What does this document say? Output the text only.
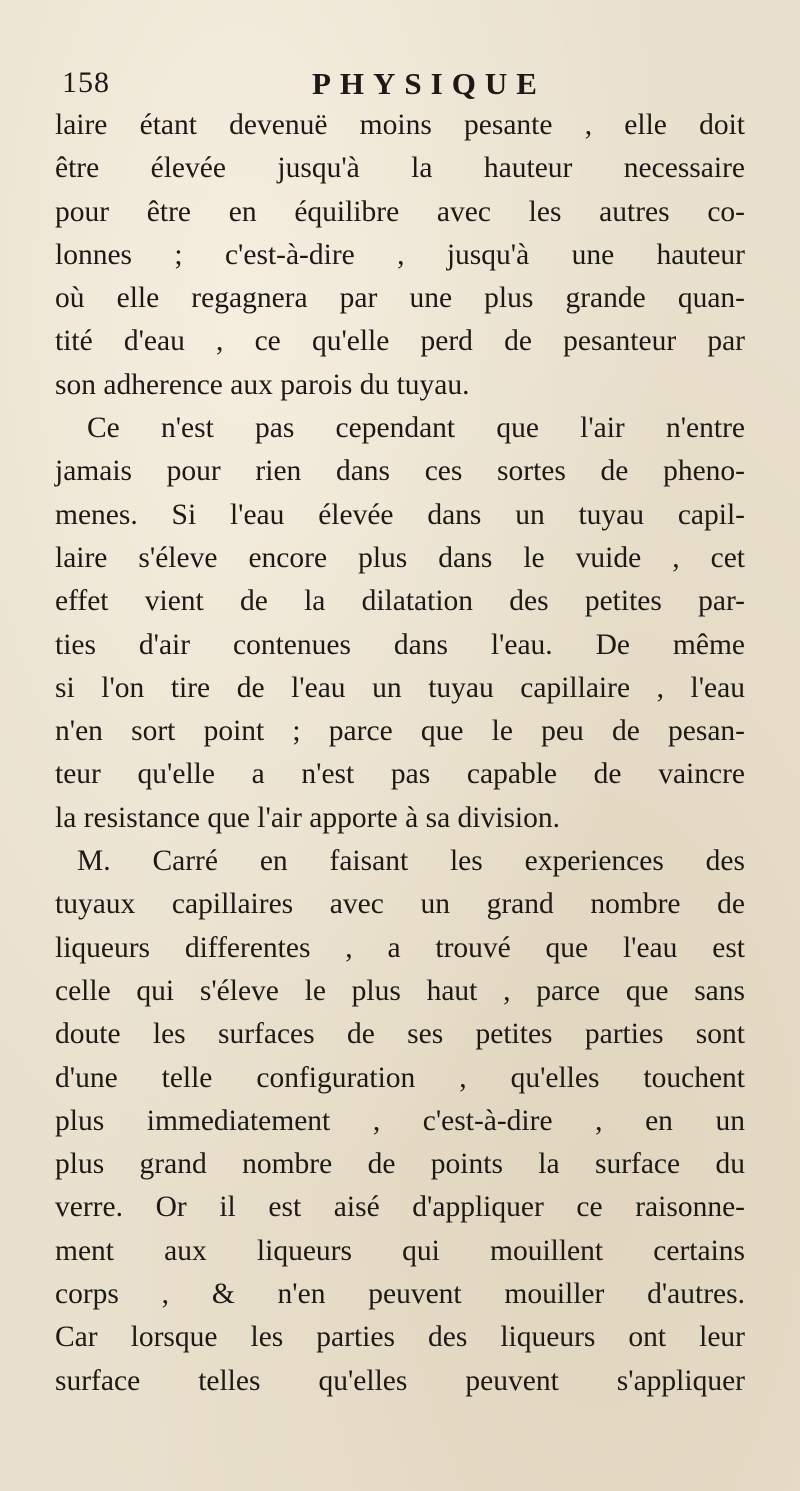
158	PHYSIQUE
laire étant devenuë moins pesante , elle doit
être élevée jusqu'à la hauteur necessaire
pour être en équilibre avec les autres co-
lonnes ; c'est-à-dire , jusqu'à une hauteur
où elle regagnera par une plus grande quan-
tité d'eau , ce qu'elle perd de pesanteur par
son adherence aux parois du tuyau.
Ce n'est pas cependant que l'air n'entre
jamais pour rien dans ces sortes de pheno-
menes. Si l'eau élevée dans un tuyau capil-
laire s'éleve encore plus dans le vuide , cet
effet vient de la dilatation des petites par-
ties d'air contenues dans l'eau. De même
si l'on tire de l'eau un tuyau capillaire , l'eau
n'en sort point ; parce que le peu de pesan-
teur qu'elle a n'est pas capable de vaincre
la resistance que l'air apporte à sa division.
M. Carré en faisant les experiences des
tuyaux capillaires avec un grand nombre de
liqueurs differentes , a trouvé que l'eau est
celle qui s'éleve le plus haut , parce que sans
doute les surfaces de ses petites parties sont
d'une telle configuration , qu'elles touchent
plus immediatement , c'est-à-dire , en un
plus grand nombre de points la surface du
verre. Or il est aisé d'appliquer ce raisonne-
ment aux liqueurs qui mouillent certains
corps , & n'en peuvent mouiller d'autres.
Car lorsque les parties des liqueurs ont leur
surface telles qu'elles peuvent s'appliquer
